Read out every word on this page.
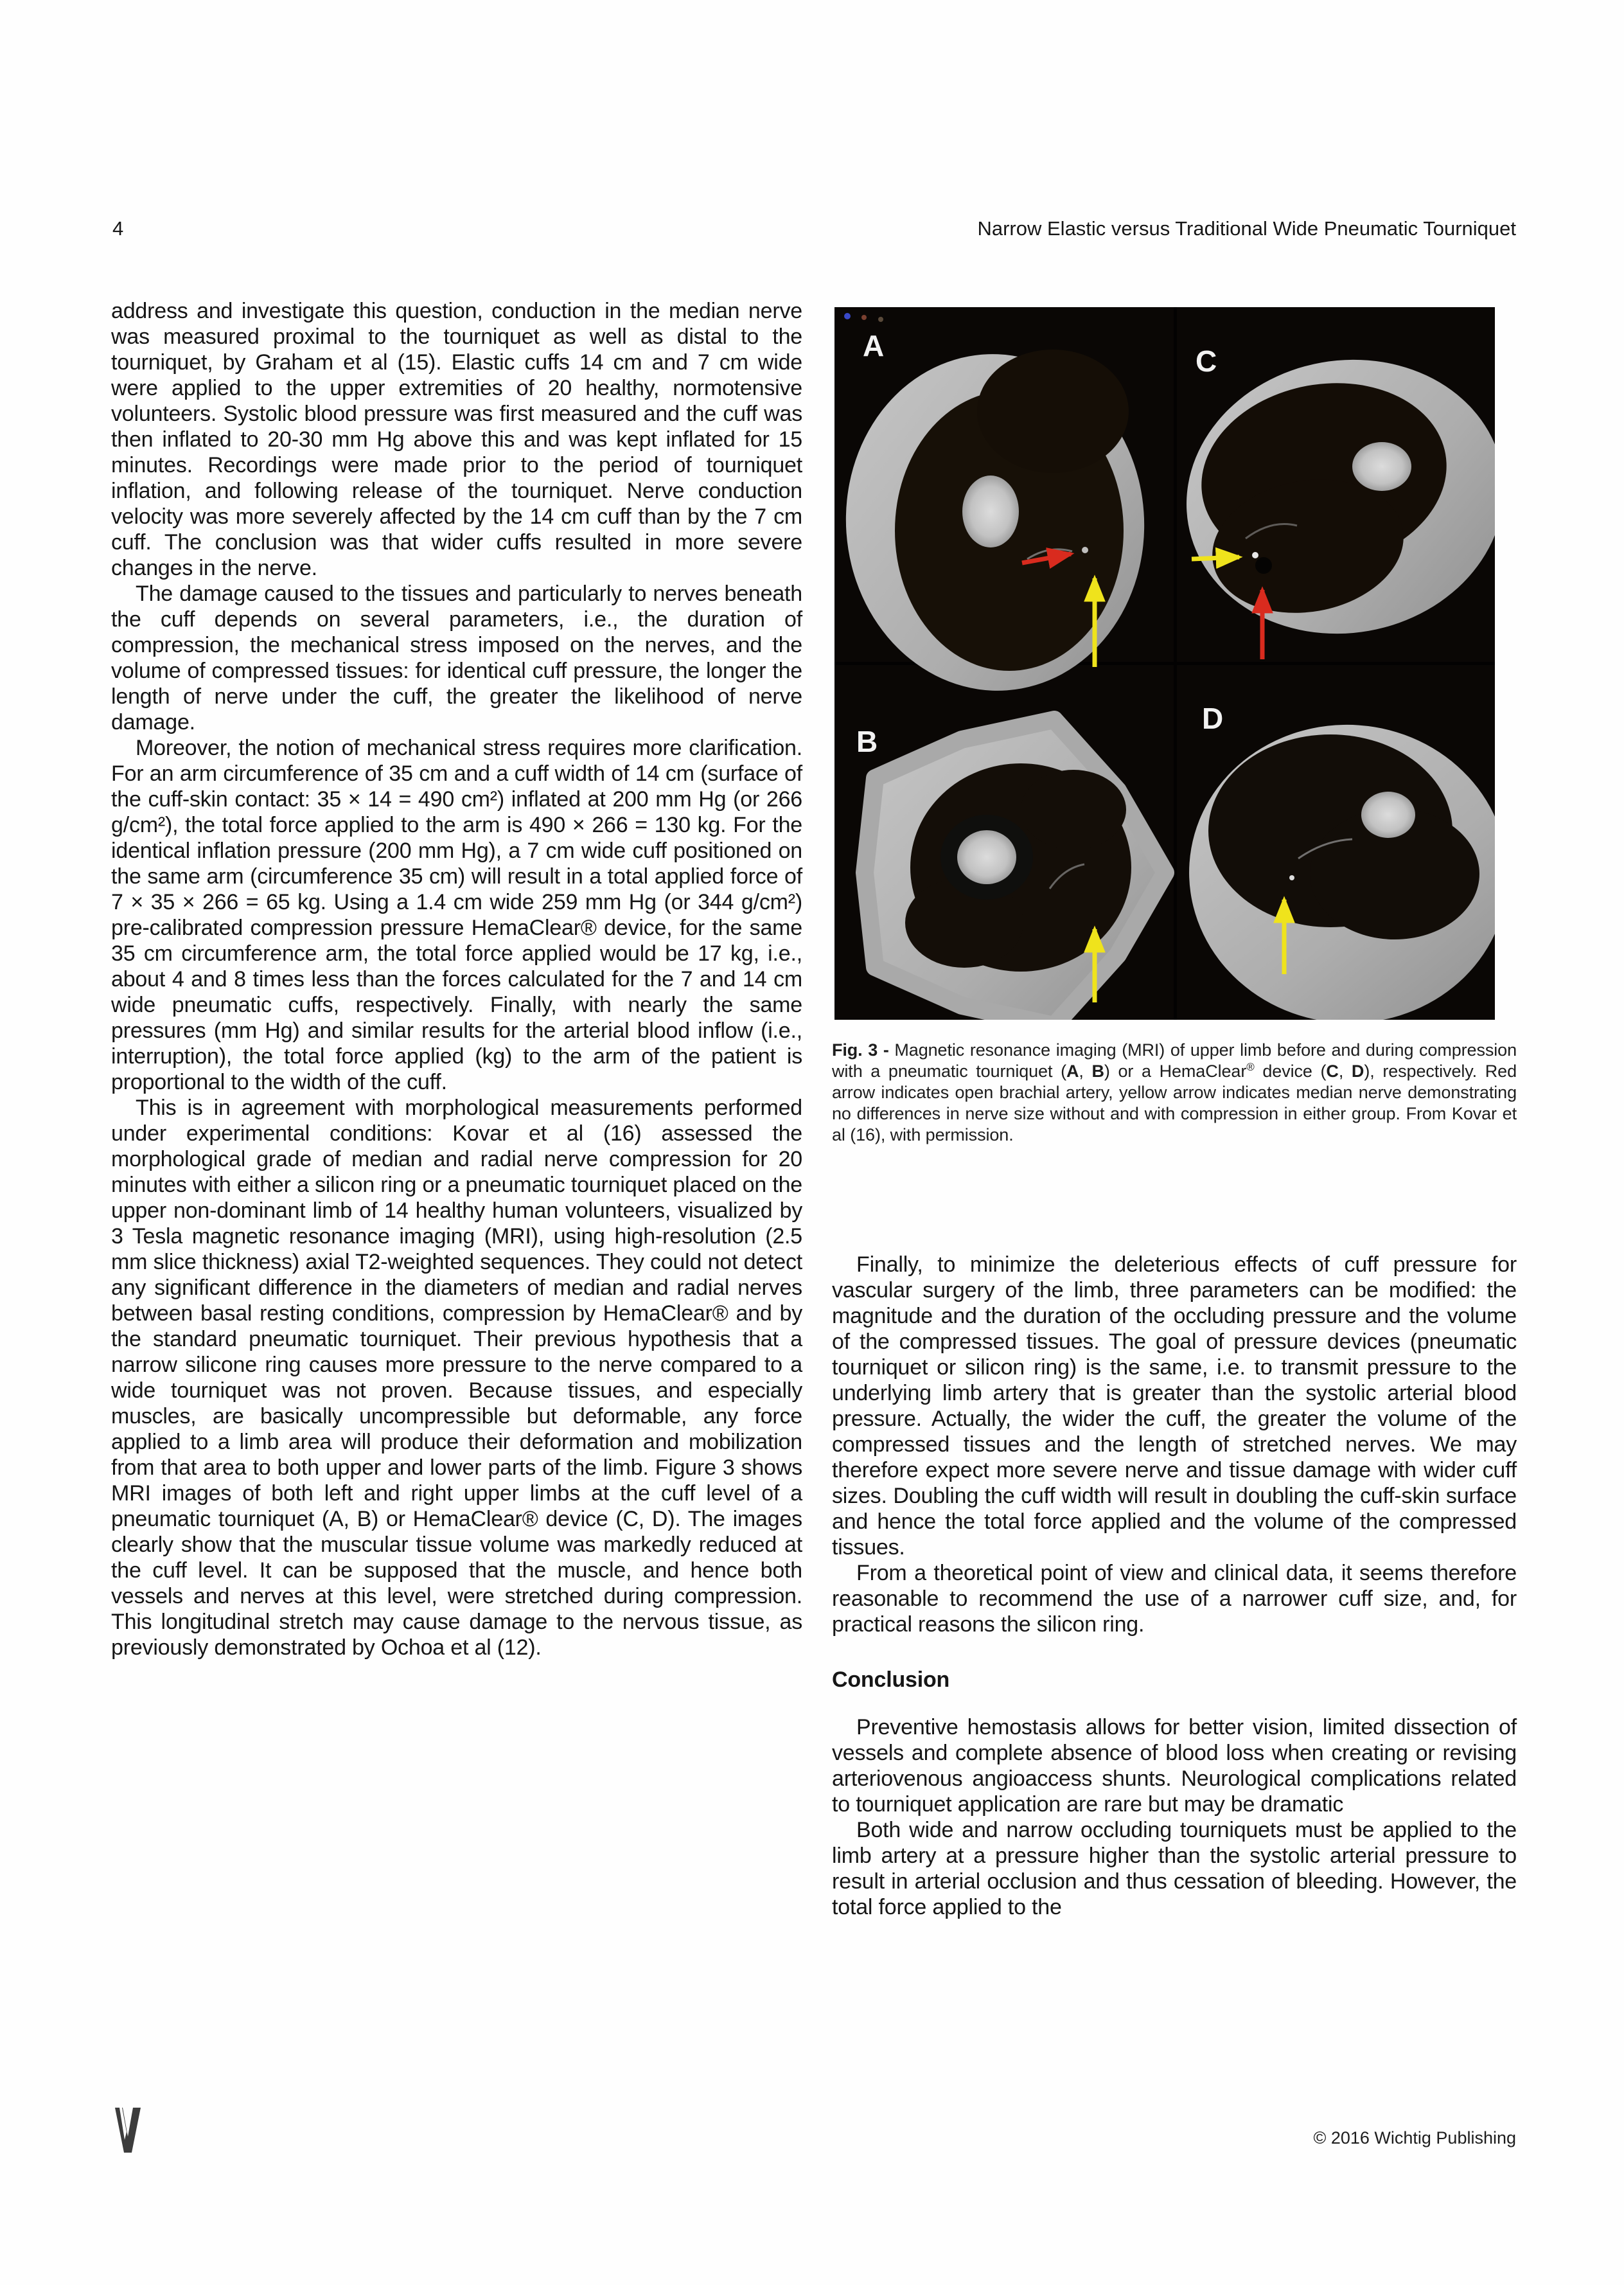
4	Narrow Elastic versus Traditional Wide Pneumatic Tourniquet

address and investigate this question, conduction in the median nerve was measured proximal to the tourniquet as well as distal to the tourniquet, by Graham et al (15). Elastic cuffs 14 cm and 7 cm wide were applied to the upper extremities of 20 healthy, normotensive volunteers. Systolic blood pressure was first measured and the cuff was then inflated to 20-30 mm Hg above this and was kept inflated for 15 minutes. Recordings were made prior to the period of tourniquet inflation, and following release of the tourniquet. Nerve conduction velocity was more severely affected by the 14 cm cuff than by the 7 cm cuff. The conclusion was that wider cuffs resulted in more severe changes in the nerve.

The damage caused to the tissues and particularly to nerves beneath the cuff depends on several parameters, i.e., the duration of compression, the mechanical stress imposed on the nerves, and the volume of compressed tissues: for identical cuff pressure, the longer the length of nerve under the cuff, the greater the likelihood of nerve damage.

Moreover, the notion of mechanical stress requires more clarification. For an arm circumference of 35 cm and a cuff width of 14 cm (surface of the cuff-skin contact: 35 × 14 = 490 cm²) inflated at 200 mm Hg (or 266 g/cm²), the total force applied to the arm is 490 × 266 = 130 kg. For the identical inflation pressure (200 mm Hg), a 7 cm wide cuff positioned on the same arm (circumference 35 cm) will result in a total applied force of 7 × 35 × 266 = 65 kg. Using a 1.4 cm wide 259 mm Hg (or 344 g/cm²) pre-calibrated compression pressure HemaClear® device, for the same 35 cm circumference arm, the total force applied would be 17 kg, i.e., about 4 and 8 times less than the forces calculated for the 7 and 14 cm wide pneumatic cuffs, respectively. Finally, with nearly the same pressures (mm Hg) and similar results for the arterial blood inflow (i.e., interruption), the total force applied (kg) to the arm of the patient is proportional to the width of the cuff.

This is in agreement with morphological measurements performed under experimental conditions: Kovar et al (16) assessed the morphological grade of median and radial nerve compression for 20 minutes with either a silicon ring or a pneumatic tourniquet placed on the upper non-dominant limb of 14 healthy human volunteers, visualized by 3 Tesla magnetic resonance imaging (MRI), using high-resolution (2.5 mm slice thickness) axial T2-weighted sequences. They could not detect any significant difference in the diameters of median and radial nerves between basal resting conditions, compression by HemaClear® and by the standard pneumatic tourniquet. Their previous hypothesis that a narrow silicone ring causes more pressure to the nerve compared to a wide tourniquet was not proven. Because tissues, and especially muscles, are basically uncompressible but deformable, any force applied to a limb area will produce their deformation and mobilization from that area to both upper and lower parts of the limb. Figure 3 shows MRI images of both left and right upper limbs at the cuff level of a pneumatic tourniquet (A, B) or HemaClear® device (C, D). The images clearly show that the muscular tissue volume was markedly reduced at the cuff level. It can be supposed that the muscle, and hence both vessels and nerves at this level, were stretched during compression. This longitudinal stretch may cause damage to the nervous tissue, as previously demonstrated by Ochoa et al (12).

A	C
B
D

Fig. 3 - Magnetic resonance imaging (MRI) of upper limb before and during compression with a pneumatic tourniquet (A, B) or a HemaClear® device (C, D), respectively. Red arrow indicates open brachial artery, yellow arrow indicates median nerve demonstrating no differences in nerve size without and with compression in either group. From Kovar et al (16), with permission.

Finally, to minimize the deleterious effects of cuff pressure for vascular surgery of the limb, three parameters can be modified: the magnitude and the duration of the occluding pressure and the volume of the compressed tissues. The goal of pressure devices (pneumatic tourniquet or silicon ring) is the same, i.e. to transmit pressure to the underlying limb artery that is greater than the systolic arterial blood pressure. Actually, the wider the cuff, the greater the volume of the compressed tissues and the length of stretched nerves. We may therefore expect more severe nerve and tissue damage with wider cuff sizes. Doubling the cuff width will result in doubling the cuff-skin surface and hence the total force applied and the volume of the compressed tissues.

From a theoretical point of view and clinical data, it seems therefore reasonable to recommend the use of a narrower cuff size, and, for practical reasons the silicon ring.

Conclusion

Preventive hemostasis allows for better vision, limited dissection of vessels and complete absence of blood loss when creating or revising arteriovenous angioaccess shunts. Neurological complications related to tourniquet application are rare but may be dramatic

Both wide and narrow occluding tourniquets must be applied to the limb artery at a pressure higher than the systolic arterial pressure to result in arterial occlusion and thus cessation of bleeding. However, the total force applied to the

© 2016 Wichtig Publishing
